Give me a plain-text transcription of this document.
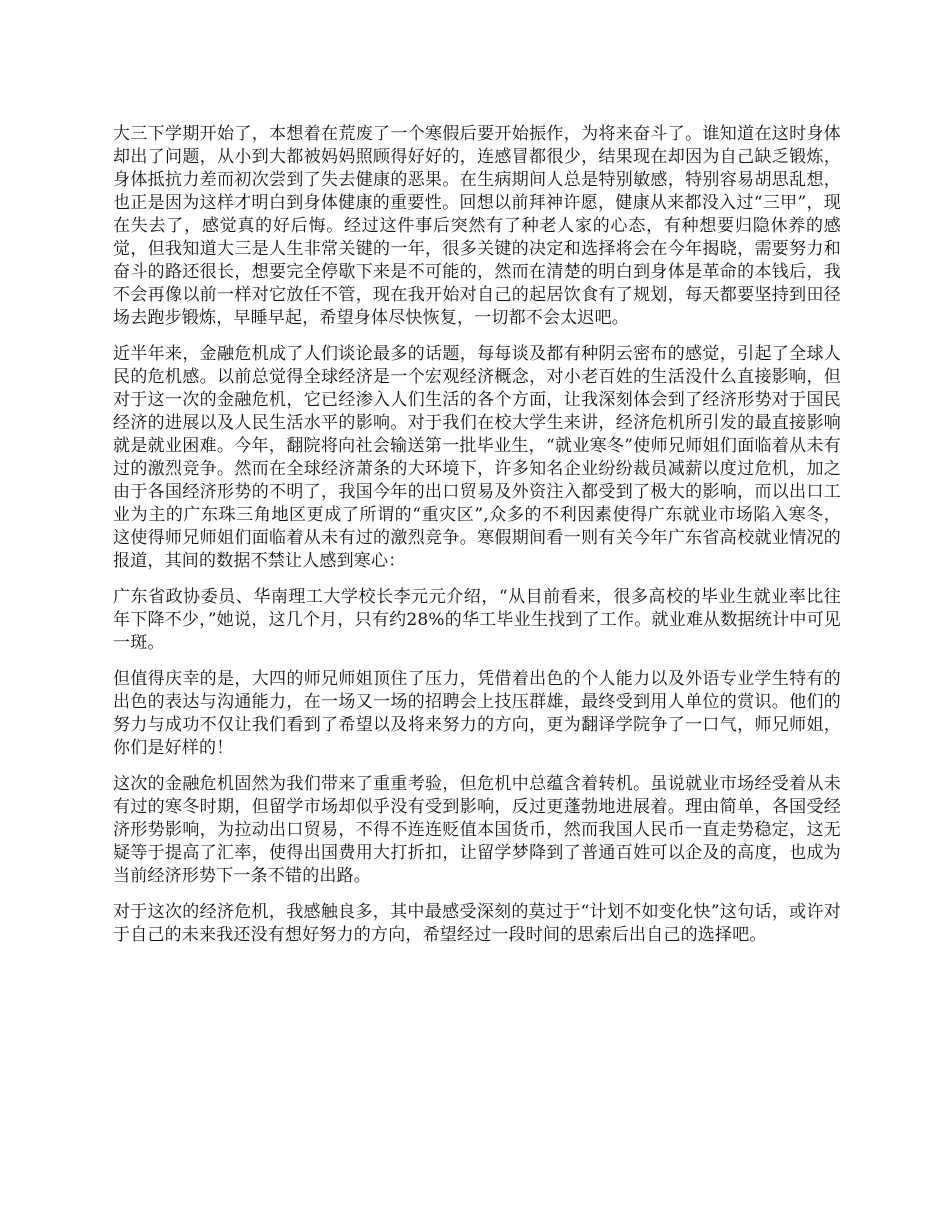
大三下学期开始了，本想着在荒废了一个寒假后要开始振作，为将来奋斗了。谁知道在这时身体却出了问题，从小到大都被妈妈照顾得好好的，连感冒都很少，结果现在却因为自己缺乏锻炼，身体抵抗力差而初次尝到了失去健康的恶果。在生病期间人总是特别敏感，特别容易胡思乱想，也正是因为这样才明白到身体健康的重要性。回想以前拜神许愿，健康从来都没入过“三甲”，现在失去了，感觉真的好后悔。经过这件事后突然有了种老人家的心态，有种想要归隐休养的感觉，但我知道大三是人生非常关键的一年，很多关键的决定和选择将会在今年揭晓，需要努力和奋斗的路还很长，想要完全停歇下来是不可能的，然而在清楚的明白到身体是革命的本钱后，我不会再像以前一样对它放任不管，现在我开始对自己的起居饮食有了规划，每天都要坚持到田径场去跑步锻炼，早睡早起，希望身体尽快恢复，一切都不会太迟吧。

近半年来，金融危机成了人们谈论最多的话题，每每谈及都有种阴云密布的感觉，引起了全球人民的危机感。以前总觉得全球经济是一个宏观经济概念，对小老百姓的生活没什么直接影响，但对于这一次的金融危机，它已经渗入人们生活的各个方面，让我深刻体会到了经济形势对于国民经济的进展以及人民生活水平的影响。对于我们在校大学生来讲，经济危机所引发的最直接影响就是就业困难。今年，翻院将向社会输送第一批毕业生，“就业寒冬”使师兄师姐们面临着从未有过的激烈竞争。然而在全球经济萧条的大环境下，许多知名企业纷纷裁员减薪以度过危机，加之由于各国经济形势的不明了，我国今年的出口贸易及外资注入都受到了极大的影响，而以出口工业为主的广东珠三角地区更成了所谓的“重灾区”,众多的不利因素使得广东就业市场陷入寒冬，这使得师兄师姐们面临着从未有过的激烈竞争。寒假期间看一则有关今年广东省高校就业情况的报道，其间的数据不禁让人感到寒心：

广东省政协委员、华南理工大学校长李元元介绍，“从目前看来，很多高校的毕业生就业率比往年下降不少，”她说，这几个月，只有约28%的华工毕业生找到了工作。就业难从数据统计中可见一斑。

但值得庆幸的是，大四的师兄师姐顶住了压力，凭借着出色的个人能力以及外语专业学生特有的出色的表达与沟通能力，在一场又一场的招聘会上技压群雄，最终受到用人单位的赏识。他们的努力与成功不仅让我们看到了希望以及将来努力的方向，更为翻译学院争了一口气，师兄师姐，你们是好样的！

这次的金融危机固然为我们带来了重重考验，但危机中总蕴含着转机。虽说就业市场经受着从未有过的寒冬时期，但留学市场却似乎没有受到影响，反过更蓬勃地进展着。理由简单，各国受经济形势影响，为拉动出口贸易，不得不连连贬值本国货币，然而我国人民币一直走势稳定，这无疑等于提高了汇率，使得出国费用大打折扣，让留学梦降到了普通百姓可以企及的高度，也成为当前经济形势下一条不错的出路。

对于这次的经济危机，我感触良多，其中最感受深刻的莫过于“计划不如变化快”这句话，或许对于自己的未来我还没有想好努力的方向，希望经过一段时间的思索后出自己的选择吧。
